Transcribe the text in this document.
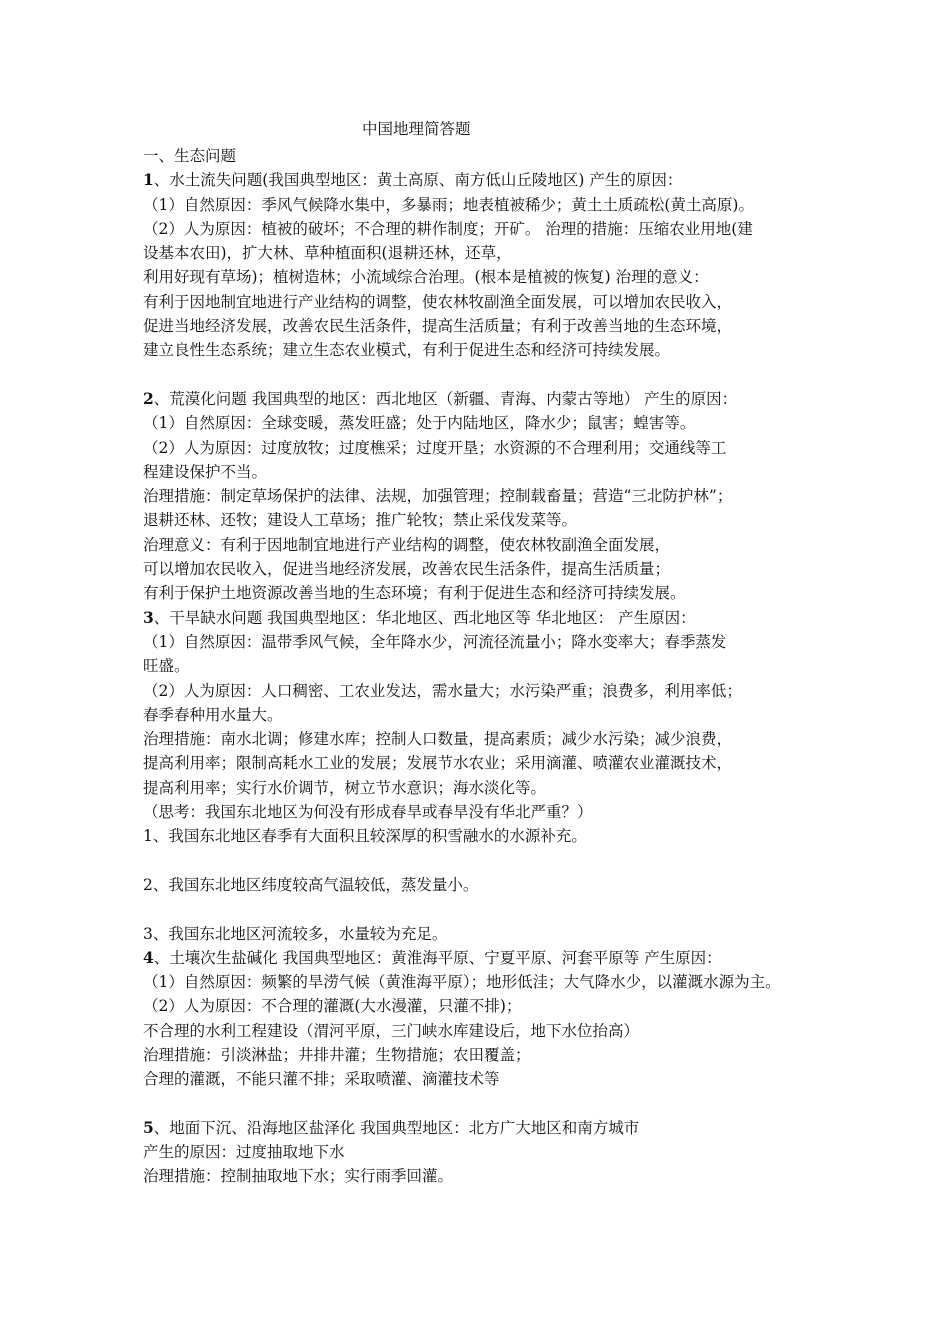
中国地理简答题
一、生态问题
1、水土流失问题(我国典型地区：黄土高原、南方低山丘陵地区) 产生的原因：
（1）自然原因：季风气候降水集中，多暴雨；地表植被稀少；黄土土质疏松(黄土高原)。
（2）人为原因：植被的破坏；不合理的耕作制度；开矿。 治理的措施：压缩农业用地(建
设基本农田)，扩大林、草种植面积(退耕还林，还草，
利用好现有草场)；植树造林；小流域综合治理。(根本是植被的恢复) 治理的意义：
有利于因地制宜地进行产业结构的调整，使农林牧副渔全面发展，可以增加农民收入，
促进当地经济发展，改善农民生活条件，提高生活质量；有利于改善当地的生态环境，
建立良性生态系统；建立生态农业模式，有利于促进生态和经济可持续发展。
2、荒漠化问题 我国典型的地区：西北地区（新疆、青海、内蒙古等地） 产生的原因：
（1）自然原因：全球变暖，蒸发旺盛；处于内陆地区，降水少；鼠害；蝗害等。
（2）人为原因：过度放牧；过度樵采；过度开垦；水资源的不合理利用；交通线等工
程建设保护不当。
治理措施：制定草场保护的法律、法规，加强管理；控制载畜量；营造“三北防护林”；
退耕还林、还牧；建设人工草场；推广轮牧；禁止采伐发菜等。
治理意义：有利于因地制宜地进行产业结构的调整，使农林牧副渔全面发展，
可以增加农民收入，促进当地经济发展，改善农民生活条件，提高生活质量；
有利于保护土地资源改善当地的生态环境；有利于促进生态和经济可持续发展。
3、干旱缺水问题 我国典型地区：华北地区、西北地区等 华北地区： 产生原因：
（1）自然原因：温带季风气候，全年降水少，河流径流量小；降水变率大；春季蒸发
旺盛。
（2）人为原因：人口稠密、工农业发达，需水量大；水污染严重；浪费多，利用率低；
春季春种用水量大。
治理措施：南水北调；修建水库；控制人口数量，提高素质；减少水污染；减少浪费，
提高利用率；限制高耗水工业的发展；发展节水农业；采用滴灌、喷灌农业灌溉技术，
提高利用率；实行水价调节，树立节水意识；海水淡化等。
（思考：我国东北地区为何没有形成春旱或春旱没有华北严重？）
1、我国东北地区春季有大面积且较深厚的积雪融水的水源补充。
2、我国东北地区纬度较高气温较低，蒸发量小。
3、我国东北地区河流较多，水量较为充足。
4、土壤次生盐碱化 我国典型地区：黄淮海平原、宁夏平原、河套平原等 产生原因：
（1）自然原因：频繁的旱涝气候（黄淮海平原）；地形低洼；大气降水少，以灌溉水源为主。
（2）人为原因：不合理的灌溉(大水漫灌，只灌不排)；
不合理的水利工程建设（渭河平原，三门峡水库建设后，地下水位抬高）
治理措施：引淡淋盐；井排井灌；生物措施；农田覆盖；
合理的灌溉，不能只灌不排；采取喷灌、滴灌技术等
5、地面下沉、沿海地区盐泽化 我国典型地区：北方广大地区和南方城市
产生的原因：过度抽取地下水
治理措施：控制抽取地下水；实行雨季回灌。
